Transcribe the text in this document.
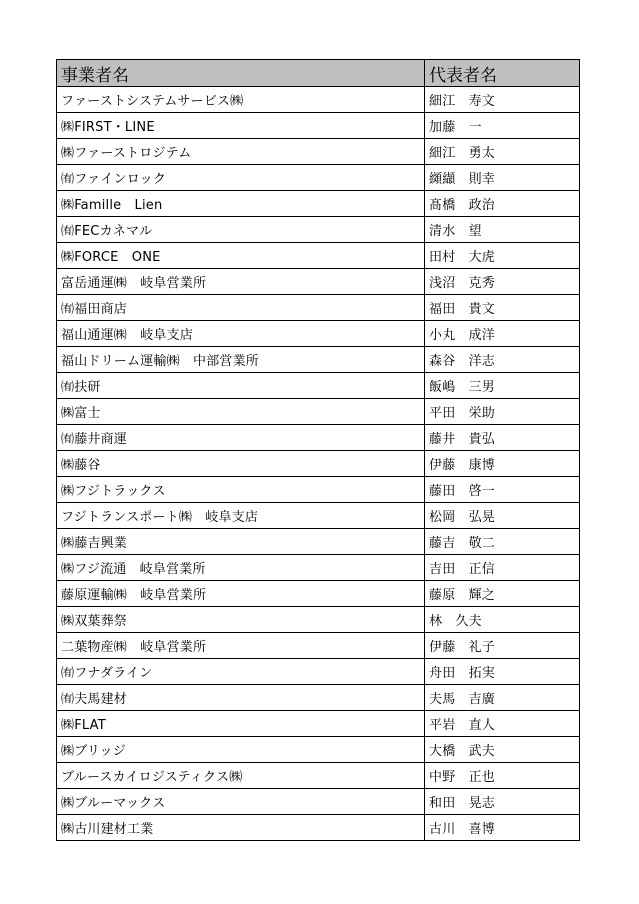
事業者名	代表者名
ファーストシステムサービス㈱	細江　寿文
㈱FIRST・LINE	加藤　一
㈱ファーストロジテム	細江　勇太
㈲ファインロック	纐纈　則幸
㈱Famille　Lien	髙橋　政治
㈲FECカネマル	清水　望
㈱FORCE　ONE	田村　大虎
富岳通運㈱　岐阜営業所	浅沼　克秀
㈲福田商店	福田　貴文
福山通運㈱　岐阜支店	小丸　成洋
福山ドリーム運輸㈱　中部営業所	森谷　洋志
㈲扶研	飯嶋　三男
㈱富士	平田　栄助
㈲藤井商運	藤井　貴弘
㈱藤谷	伊藤　康博
㈱フジトラックス	藤田　啓一
フジトランスポート㈱　岐阜支店	松岡　弘晃
㈱藤吉興業	藤吉　敬二
㈱フジ流通　岐阜営業所	吉田　正信
藤原運輸㈱　岐阜営業所	藤原　輝之
㈱双葉葬祭	林　久夫
二葉物産㈱　岐阜営業所	伊藤　礼子
㈲フナダライン	舟田　拓実
㈲夫馬建材	夫馬　吉廣
㈱FLAT	平岩　直人
㈱ブリッジ	大橋　武夫
ブルースカイロジスティクス㈱	中野　正也
㈱ブルーマックス	和田　晃志
㈱古川建材工業	古川　喜博
